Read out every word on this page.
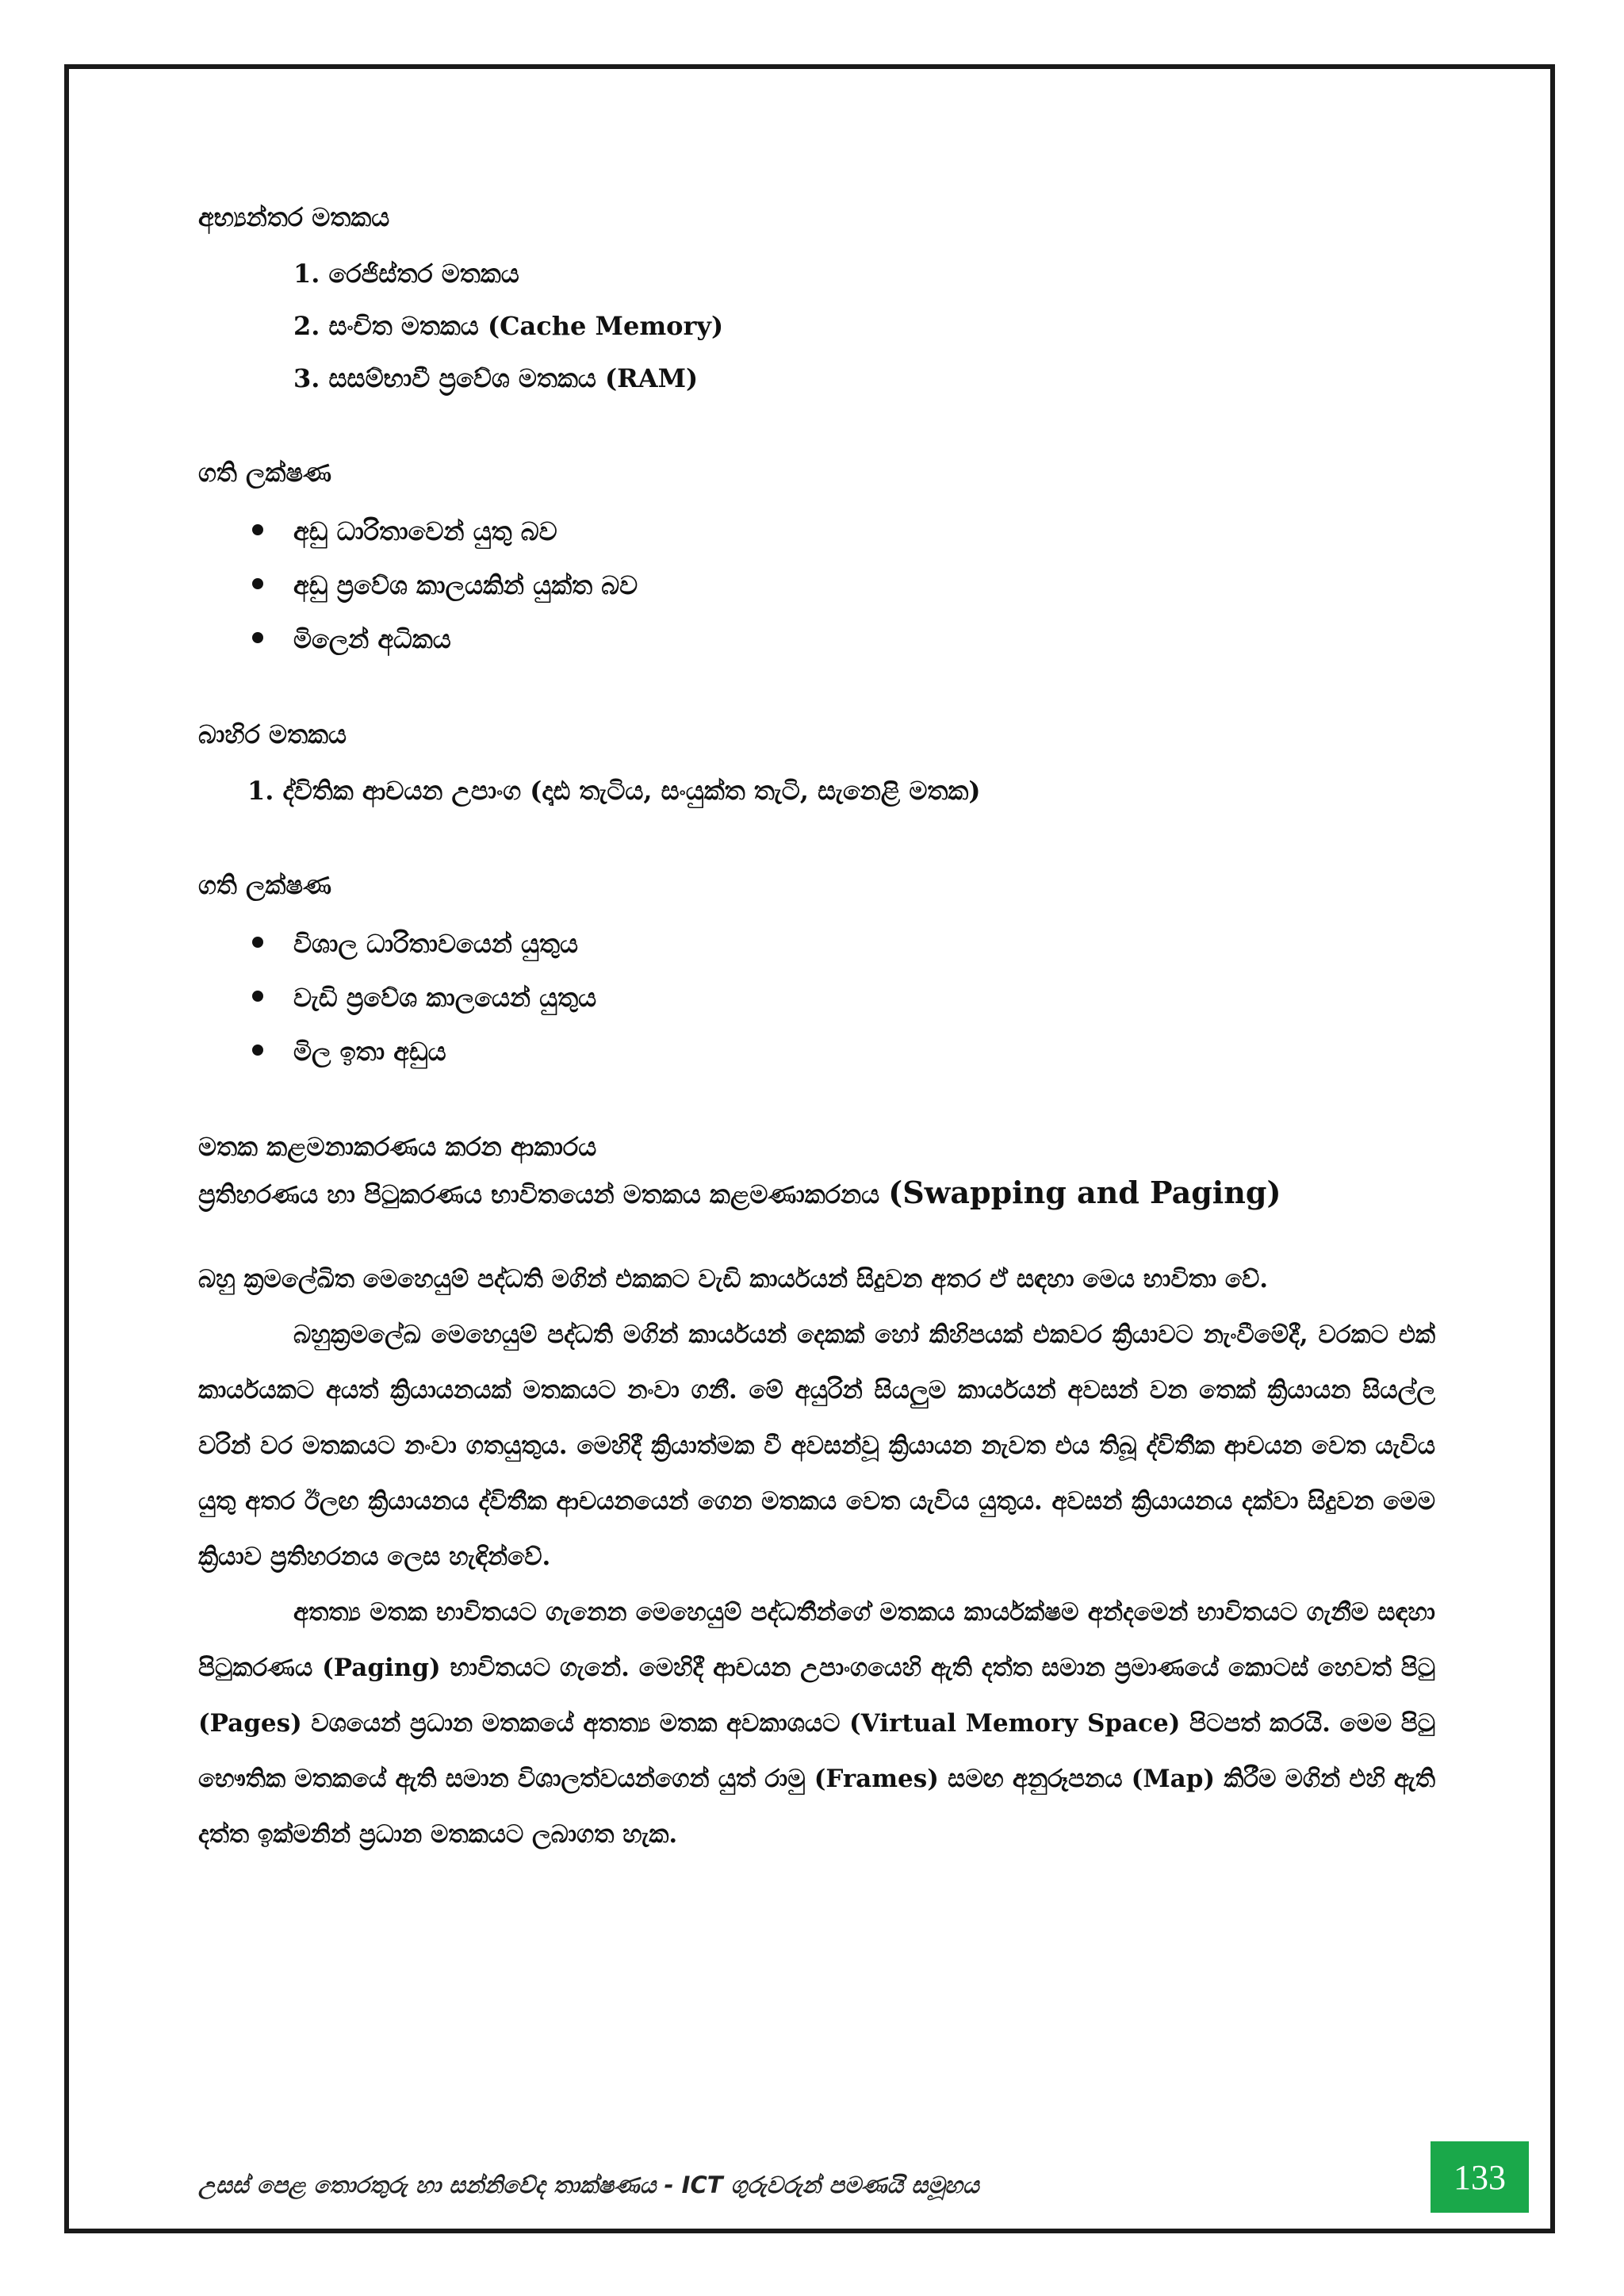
අභ්‍යන්තර මතකය

1. රෙජිස්තර මතකය
2. සංචිත මතකය (Cache Memory)
3. සසම්භාවී ප්‍රවේශ මතකය (RAM)

ගති ලක්ෂණ

අඩු ධාරිතාවෙන් යුතු බව
අඩු ප්‍රවේශ කාලයකින් යුක්ත බව
මිලෙන් අධිකය

බාහිර මතකය

1. ද්විතික ආචයන උපාංග (දෘඪ තැටිය, සංයුක්ත තැටි, සැනෙළි මතක)

ගති ලක්ෂණ

විශාල ධාරිතාවයෙන් යුතුය
වැඩි ප්‍රවේශ කාලයෙන් යුතුය
මිල ඉතා අඩුය

මතක කළමනාකරණය කරන ආකාරය

ප්‍රතිහරණය හා පිටුකරණය භාවිතයෙන් මතකය කළමණාකරනය (Swapping and Paging)

බහු ක්‍රමලේඛිත මෙහෙයුම් පද්ධති මගින් එකකට වැඩි කාර්යයන් සිදුවන අතර ඒ සඳහා මෙය භාවිතා වේ.

බහුක්‍රමලේඛ මෙහෙයුම් පද්ධති මගින් කාර්යයන් දෙකක් හෝ කිහිපයක් එකවර ක්‍රියාවට නැංවීමේදී, වරකට එක් කාර්යයකට අයත් ක්‍රියායනයක් මතකයට නංවා ගනී. මේ අයුරින් සියලුම කාර්යයන් අවසන් වන තෙක් ක්‍රියායන සියල්ල වරින් වර මතකයට නංවා ගතයුතුය. මෙහිදී ක්‍රියාත්මක වී අවසන්වූ ක්‍රියායන නැවත එය තිබූ ද්විතීක ආචයන වෙත යැවිය යුතු අතර ඊලඟ ක්‍රියායනය ද්විතීක ආචයනයෙන් ගෙන මතකය වෙත යැවිය යුතුය. අවසන් ක්‍රියායනය දක්වා සිදුවන මෙම ක්‍රියාව ප්‍රතිහරනය ලෙස හැඳින්වේ.

අතත්‍ය මතක භාවිතයට ගැනෙන මෙහෙයුම් පද්ධතීන්ගේ මතකය කාර්යක්ෂම අන්දමෙන් භාවිතයට ගැනීම සඳහා පිටුකරණය (Paging) භාවිතයට ගැනේ. මෙහිදී ආචයන උපාංගයෙහි ඇති දත්ත සමාන ප්‍රමාණයේ කොටස් හෙවත් පිටු (Pages) වශයෙන් ප්‍රධාන මතකයේ අතත්‍ය මතක අවකාශයට (Virtual Memory Space) පිටපත් කරයි. මෙම පිටු භෞතික මතකයේ ඇති සමාන විශාලත්වයන්ගෙන් යුත් රාමු (Frames) සමඟ අනුරූපනය (Map) කිරීම මගින් එහි ඇති දත්ත ඉක්මනින් ප්‍රධාන මතකයට ලබාගත හැක.

උසස් පෙළ තොරතුරු හා සන්නිවේද තාක්ෂණය - ICT ගුරුවරුන් පමණයි සමූහය	133
